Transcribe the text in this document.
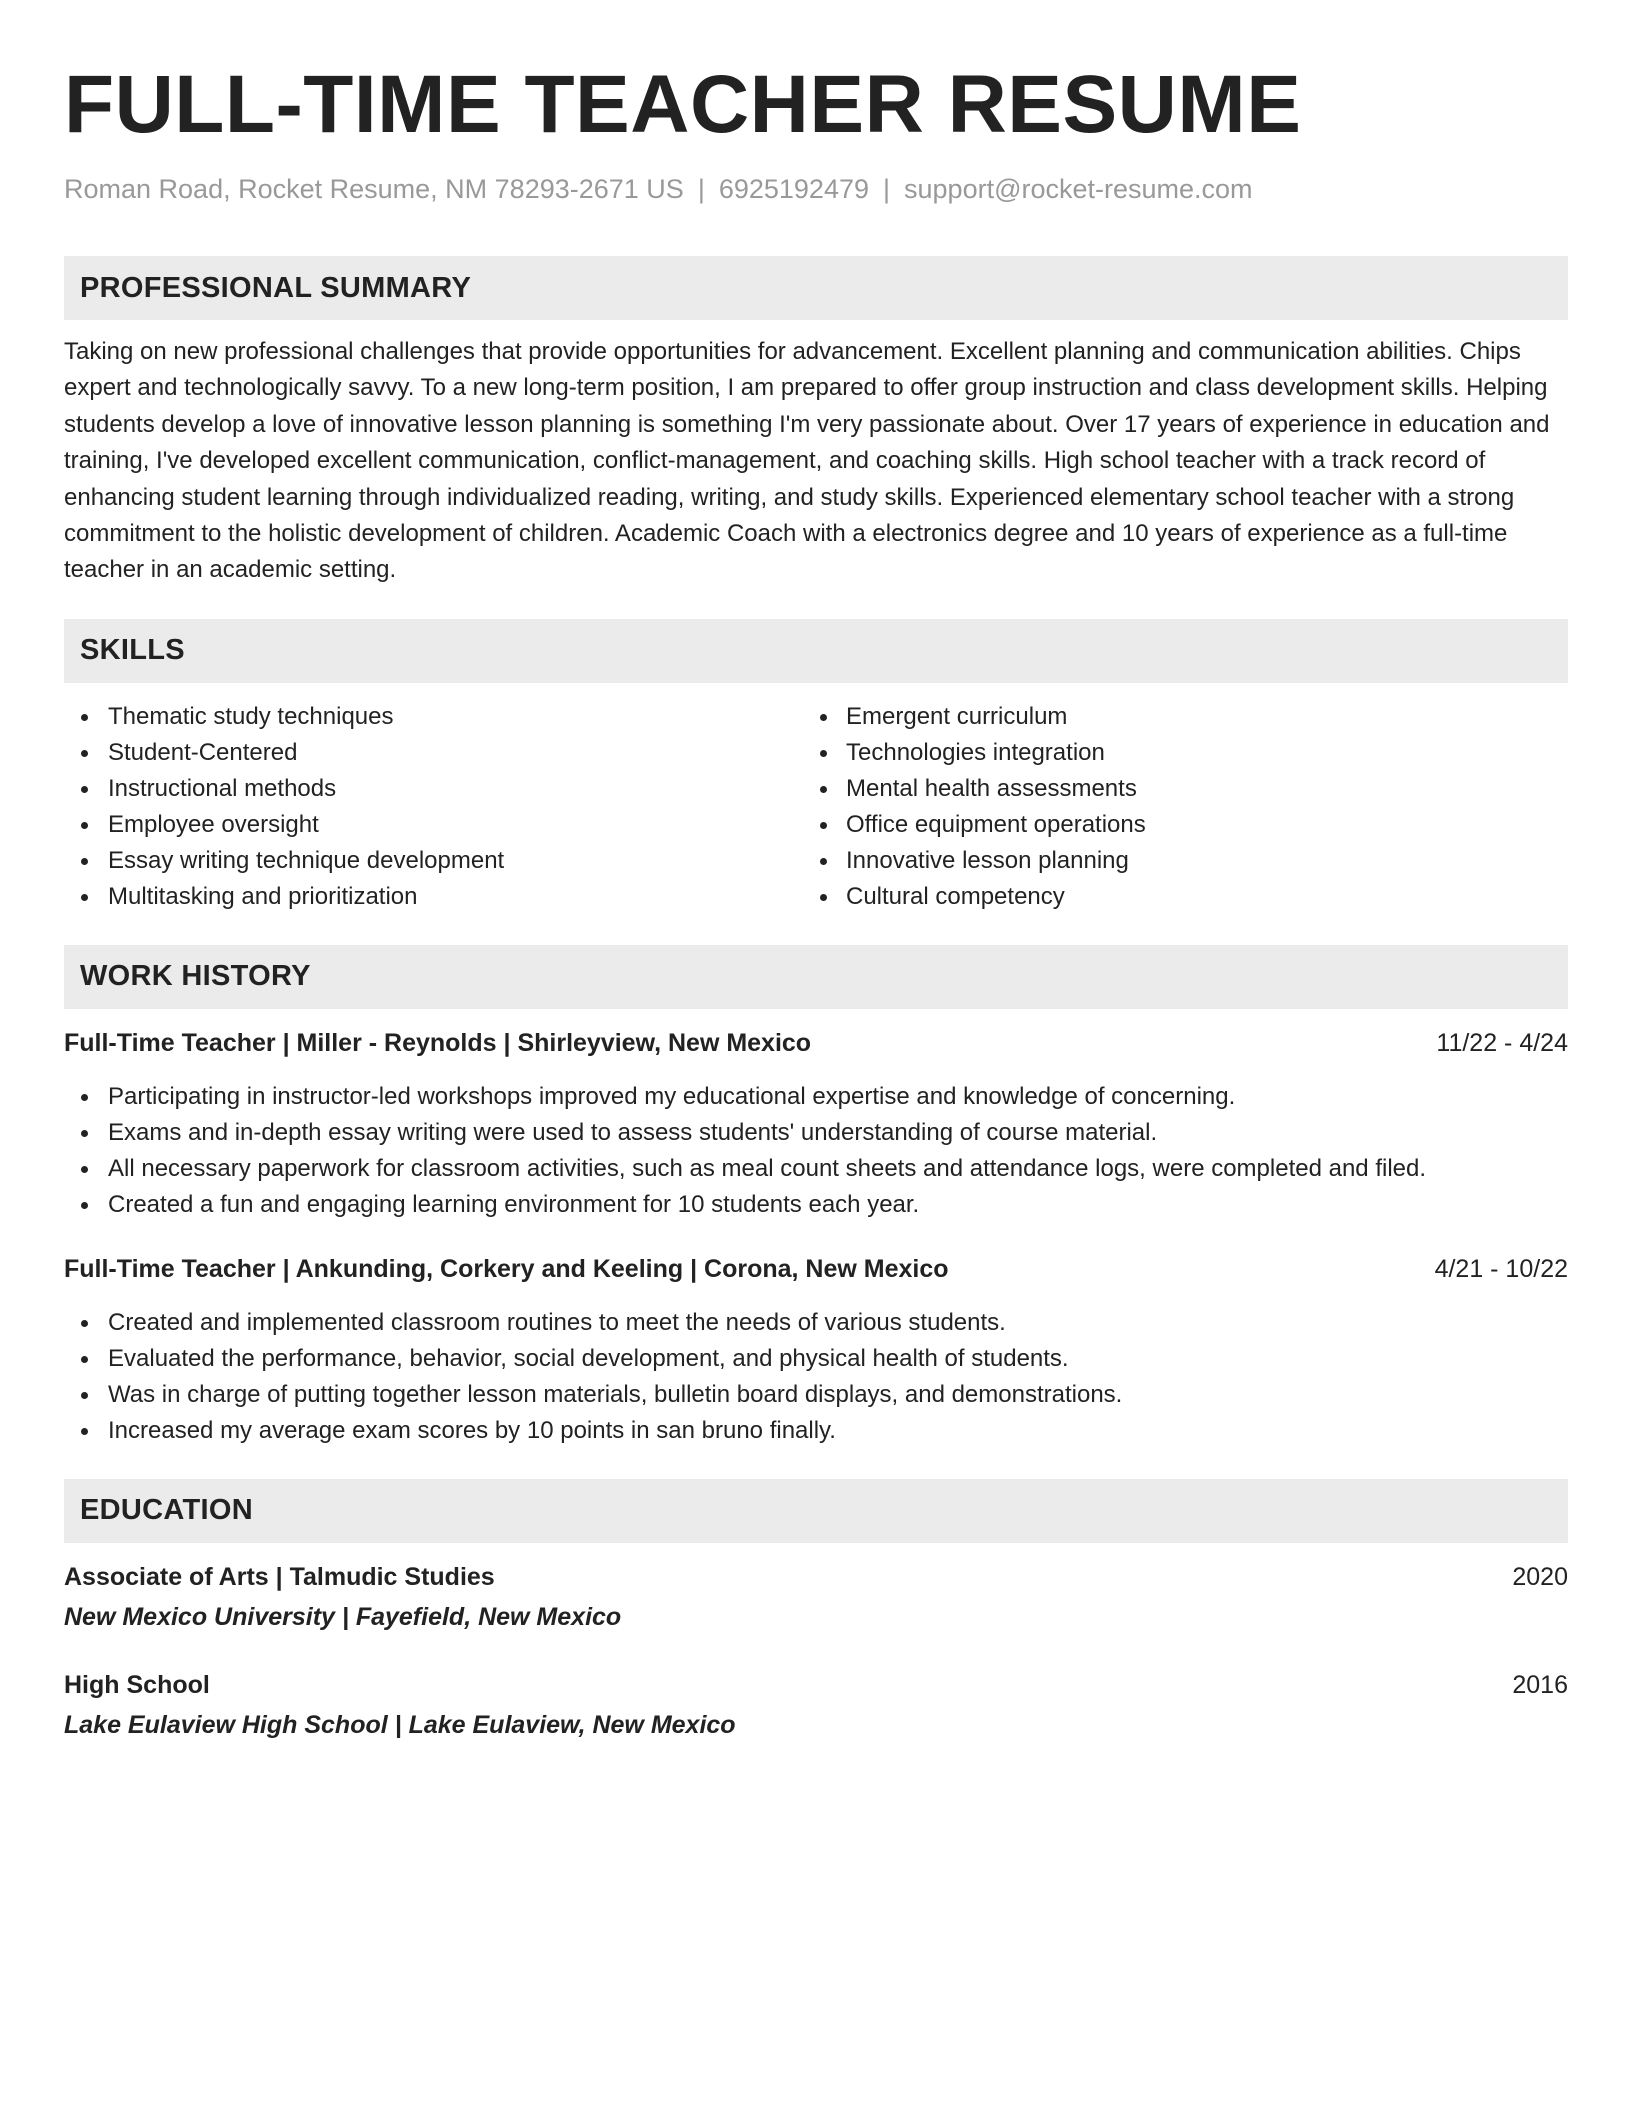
FULL-TIME TEACHER RESUME
Roman Road, Rocket Resume, NM 78293-2671 US | 6925192479 | support@rocket-resume.com
PROFESSIONAL SUMMARY

Taking on new professional challenges that provide opportunities for advancement. Excellent planning and communication abilities. Chips expert and technologically savvy. To a new long-term position, I am prepared to offer group instruction and class development skills. Helping students develop a love of innovative lesson planning is something I'm very passionate about. Over 17 years of experience in education and training, I've developed excellent communication, conflict-management, and coaching skills. High school teacher with a track record of enhancing student learning through individualized reading, writing, and study skills. Experienced elementary school teacher with a strong commitment to the holistic development of children. Academic Coach with a electronics degree and 10 years of experience as a full-time teacher in an academic setting.

SKILLS
Thematic study techniques
Student-Centered
Instructional methods
Employee oversight
Essay writing technique development
Multitasking and prioritization
Emergent curriculum
Technologies integration
Mental health assessments
Office equipment operations
Innovative lesson planning
Cultural competency
WORK HISTORY
Full-Time Teacher | Miller - Reynolds | Shirleyview, New Mexico	11/22 - 4/24
Participating in instructor-led workshops improved my educational expertise and knowledge of concerning.
Exams and in-depth essay writing were used to assess students' understanding of course material.
All necessary paperwork for classroom activities, such as meal count sheets and attendance logs, were completed and filed.
Created a fun and engaging learning environment for 10 students each year.
Full-Time Teacher | Ankunding, Corkery and Keeling | Corona, New Mexico	4/21 - 10/22
Created and implemented classroom routines to meet the needs of various students.
Evaluated the performance, behavior, social development, and physical health of students.
Was in charge of putting together lesson materials, bulletin board displays, and demonstrations.
Increased my average exam scores by 10 points in san bruno finally.
EDUCATION
Associate of Arts | Talmudic Studies	2020
New Mexico University | Fayefield, New Mexico
High School	2016
Lake Eulaview High School | Lake Eulaview, New Mexico
